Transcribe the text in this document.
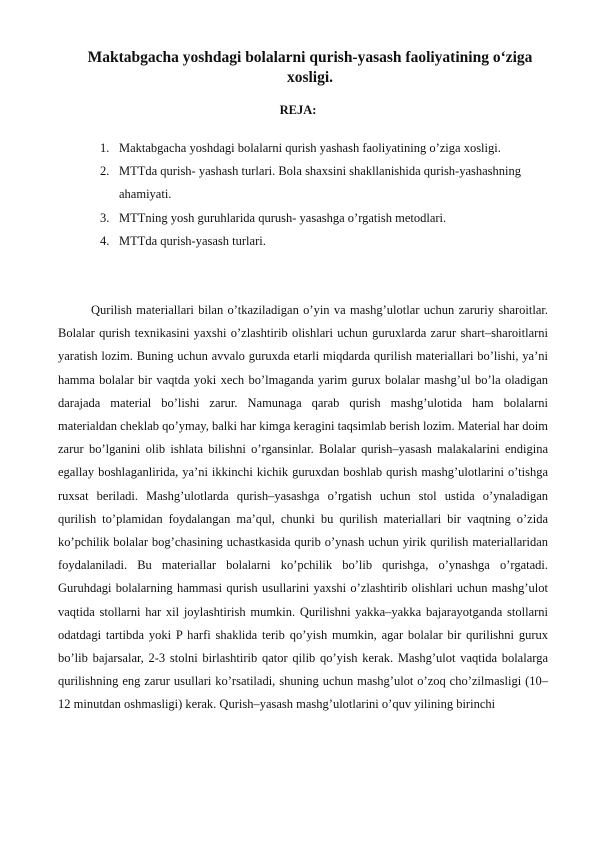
Maktabgacha yoshdagi bolalarni qurish-yasash faoliyatining o‘ziga xosligi.
REJA:
1. Maktabgacha yoshdagi bolalarni qurish yashash faoliyatining o’ziga xosligi.
2. MTTda qurish- yashash turlari. Bola shaxsini shakllanishida qurish-yashashning ahamiyati.
3. MTTning yosh guruhlarida qurush- yasashga o’rgatish metodlari.
4. MTTda qurish-yasash turlari.

Qurilish materiallari bilan o’tkaziladigan o’yin va mashg’ulotlar uchun zaruriy sharoitlar. Bolalar qurish texnikasini yaxshi o’zlashtirib olishlari uchun guruxlarda zarur shart–sharoitlarni yaratish lozim. Buning uchun avvalo guruxda etarli miqdarda qurilish materiallari bo’lishi, ya’ni hamma bolalar bir vaqtda yoki xech bo’lmaganda yarim gurux bolalar mashg’ul bo’la oladigan darajada material bo’lishi zarur. Namunaga qarab qurish mashg’ulotida ham bolalarni materialdan cheklab qo’ymay, balki har kimga keragini taqsimlab berish lozim. Material har doim zarur bo’lganini olib ishlata bilishni o’rgansinlar. Bolalar qurish–yasash malakalarini endigina egallay boshlaganlirida, ya’ni ikkinchi kichik guruxdan boshlab qurish mashg’ulotlarini o’tishga ruxsat beriladi. Mashg’ulotlarda qurish–yasashga o’rgatish uchun stol ustida o’ynaladigan qurilish to’plamidan foydalangan ma’qul, chunki bu qurilish materiallari bir vaqtning o’zida ko’pchilik bolalar bog’chasining uchastkasida qurib o’ynash uchun yirik qurilish materiallaridan foydalaniladi. Bu materiallar bolalarni ko’pchilik bo’lib qurishga, o’ynashga o’rgatadi. Guruhdagi bolalarning hammasi qurish usullarini yaxshi o’zlashtirib olishlari uchun mashg’ulot vaqtida stollarni har xil joylashtirish mumkin. Qurilishni yakka–yakka bajarayotganda stollarni odatdagi tartibda yoki P harfi shaklida terib qo’yish mumkin, agar bolalar bir qurilishni gurux bo’lib bajarsalar, 2-3 stolni birlashtirib qator qilib qo’yish kerak. Mashg’ulot vaqtida bolalarga qurilishning eng zarur usullari ko’rsatiladi, shuning uchun mashg’ulot o’zoq cho’zilmasligi (10–12 minutdan oshmasligi) kerak. Qurish–yasash mashg’ulotlarini o’quv yilining birinchi
